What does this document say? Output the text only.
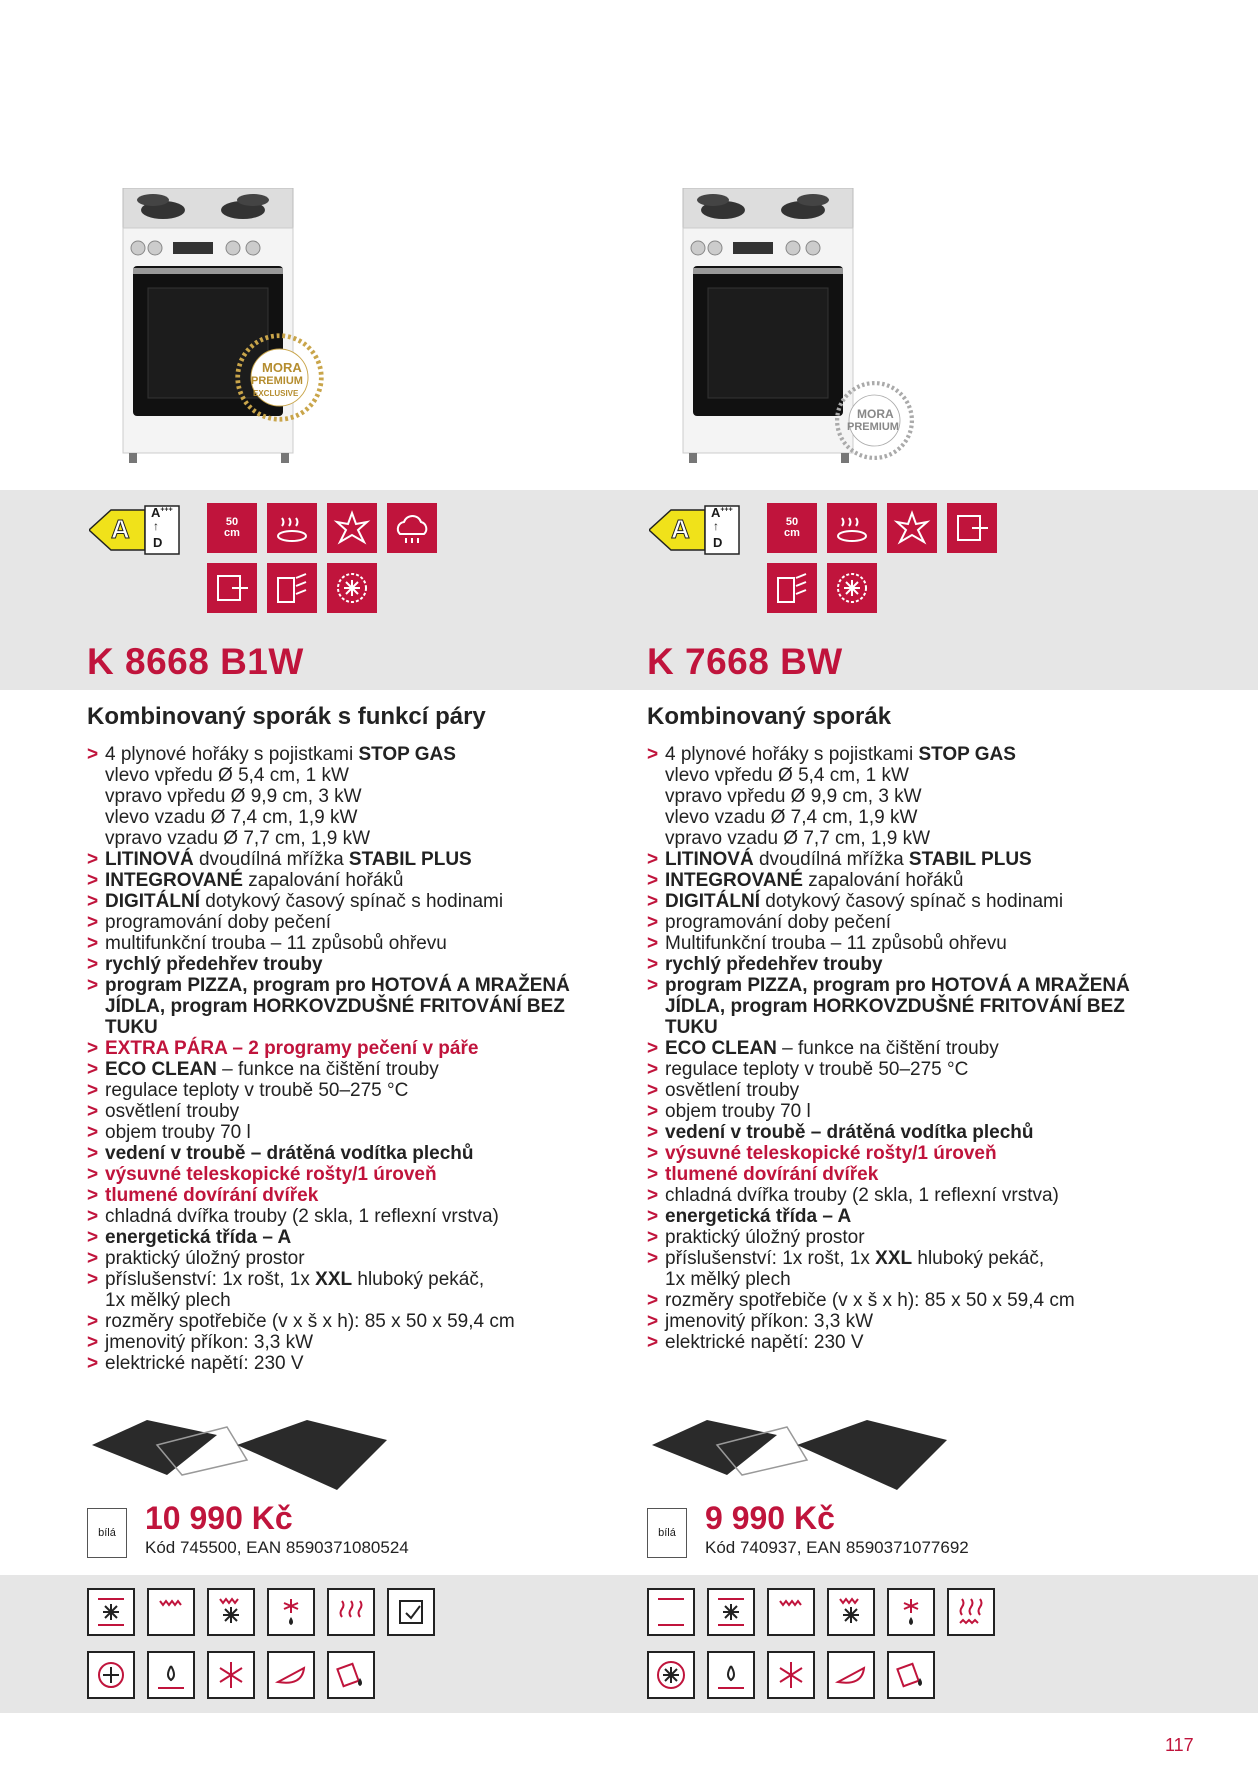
MORA
PREMIUM
EXCLUSIVE
A
A+++
↑
D
50
cm
K 8668 B1W
Kombinovaný sporák s funkcí páry
> 4 plynové hořáky s pojistkami STOP GAS
vlevo vpředu Ø 5,4 cm, 1 kW
vpravo vpředu Ø 9,9 cm, 3 kW
vlevo vzadu Ø 7,4 cm, 1,9 kW
vpravo vzadu Ø 7,7 cm, 1,9 kW
> LITINOVÁ dvoudílná mřížka STABIL PLUS
> INTEGROVANÉ zapalování hořáků
> DIGITÁLNÍ dotykový časový spínač s hodinami
> programování doby pečení
> multifunkční trouba – 11 způsobů ohřevu
> rychlý předehřev trouby
> program PIZZA, program pro HOTOVÁ A MRAŽENÁ
JÍDLA, program HORKOVZDUŠNÉ FRITOVÁNÍ BEZ
TUKU
> EXTRA PÁRA – 2 programy pečení v páře
> ECO CLEAN – funkce na čištění trouby
> regulace teploty v troubě 50–275 °C
> osvětlení trouby
> objem trouby 70 l
> vedení v troubě – drátěná vodítka plechů
> výsuvné teleskopické rošty/1 úroveň
> tlumené dovírání dvířek
> chladná dvířka trouby (2 skla, 1 reflexní vrstva)
> energetická třída – A
> praktický úložný prostor
> příslušenství: 1x rošt, 1x XXL hluboký pekáč,
1x mělký plech
> rozměry spotřebiče (v x š x h): 85 x 50 x 59,4 cm
> jmenovitý příkon: 3,3 kW
> elektrické napětí: 230 V
bílá 10 990 Kč
Kód 745500, EAN 8590371080524
MORA
PREMIUM
A
A+++
↑
D
50
cm
K 7668 BW
Kombinovaný sporák
> 4 plynové hořáky s pojistkami STOP GAS
vlevo vpředu Ø 5,4 cm, 1 kW
vpravo vpředu Ø 9,9 cm, 3 kW
vlevo vzadu Ø 7,4 cm, 1,9 kW
vpravo vzadu Ø 7,7 cm, 1,9 kW
> LITINOVÁ dvoudílná mřížka STABIL PLUS
> INTEGROVANÉ zapalování hořáků
> DIGITÁLNÍ dotykový časový spínač s hodinami
> programování doby pečení
> Multifunkční trouba – 11 způsobů ohřevu
> rychlý předehřev trouby
> program PIZZA, program pro HOTOVÁ A MRAŽENÁ
JÍDLA, program HORKOVZDUŠNÉ FRITOVÁNÍ BEZ
TUKU
> ECO CLEAN – funkce na čištění trouby
> regulace teploty v troubě 50–275 °C
> osvětlení trouby
> objem trouby 70 l
> vedení v troubě – drátěná vodítka plechů
> výsuvné teleskopické rošty/1 úroveň
> tlumené dovírání dvířek
> chladná dvířka trouby (2 skla, 1 reflexní vrstva)
> energetická třída – A
> praktický úložný prostor
> příslušenství: 1x rošt, 1x XXL hluboký pekáč,
1x mělký plech
> rozměry spotřebiče (v x š x h): 85 x 50 x 59,4 cm
> jmenovitý příkon: 3,3 kW
> elektrické napětí: 230 V
bílá 9 990 Kč
Kód 740937, EAN 8590371077692
117
